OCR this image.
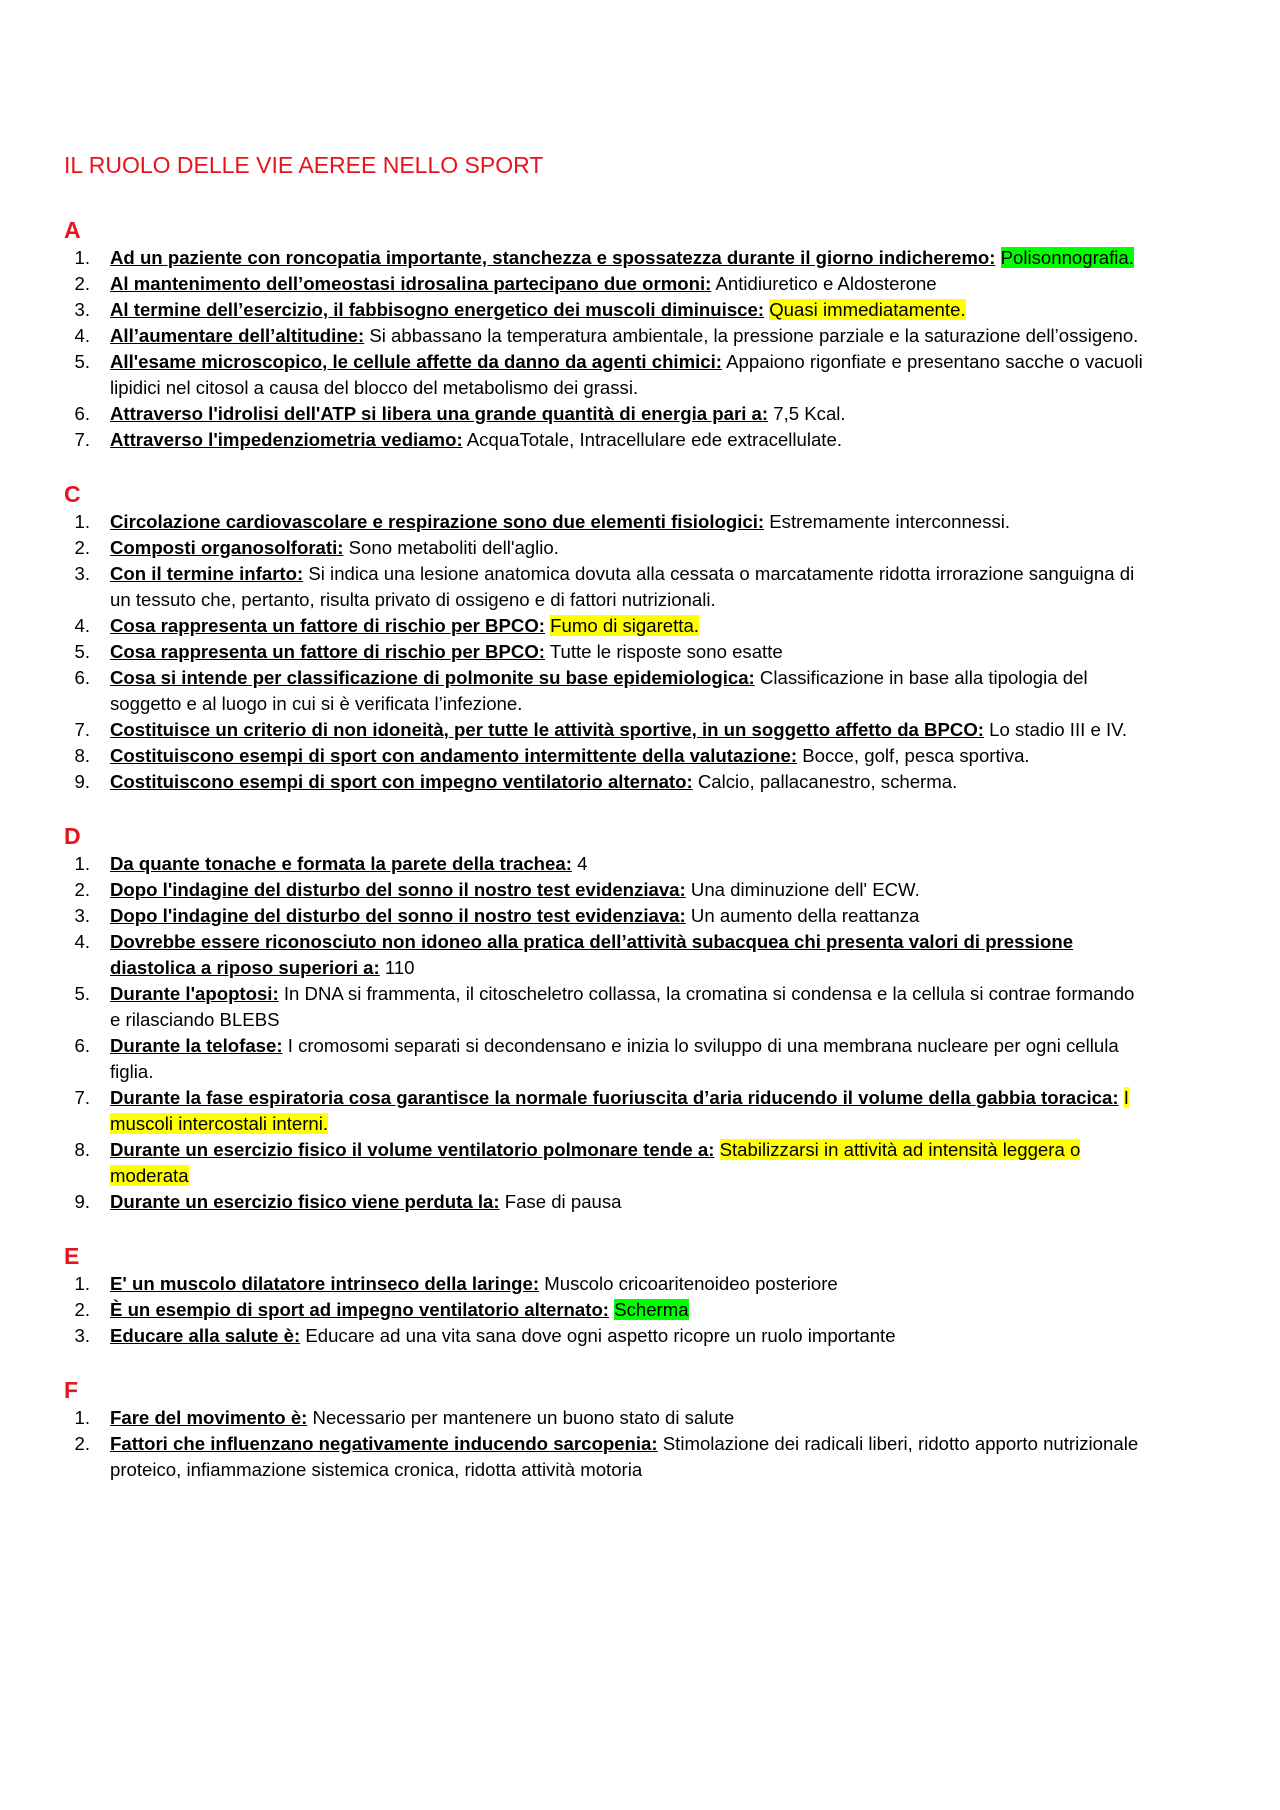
IL RUOLO DELLE VIE AEREE NELLO SPORT
A
1. Ad un paziente con roncopatia importante, stanchezza e spossatezza durante il giorno indicheremo: Polisonnografia.
2. Al mantenimento dell’omeostasi idrosalina partecipano due ormoni: Antidiuretico e Aldosterone
3. Al termine dell’esercizio, il fabbisogno energetico dei muscoli diminuisce: Quasi immediatamente.
4. All’aumentare dell’altitudine: Si abbassano la temperatura ambientale, la pressione parziale e la saturazione dell’ossigeno.
5. All'esame microscopico, le cellule affette da danno da agenti chimici: Appaiono rigonfiate e presentano sacche o vacuoli lipidici nel citosol a causa del blocco del metabolismo dei grassi.
6. Attraverso l'idrolisi dell'ATP si libera una grande quantità di energia pari a: 7,5 Kcal.
7. Attraverso l'impedenziometria vediamo: AcquaTotale, Intracellulare ede extracellulate.
C
1. Circolazione cardiovascolare e respirazione sono due elementi fisiologici: Estremamente interconnessi.
2. Composti organosolforati: Sono metaboliti dell'aglio.
3. Con il termine infarto: Si indica una lesione anatomica dovuta alla cessata o marcatamente ridotta irrorazione sanguigna di un tessuto che, pertanto, risulta privato di ossigeno e di fattori nutrizionali.
4. Cosa rappresenta un fattore di rischio per BPCO: Fumo di sigaretta.
5. Cosa rappresenta un fattore di rischio per BPCO: Tutte le risposte sono esatte
6. Cosa si intende per classificazione di polmonite su base epidemiologica: Classificazione in base alla tipologia del soggetto e al luogo in cui si è verificata l’infezione.
7. Costituisce un criterio di non idoneità, per tutte le attività sportive, in un soggetto affetto da BPCO: Lo stadio III e IV.
8. Costituiscono esempi di sport con andamento intermittente della valutazione: Bocce, golf, pesca sportiva.
9. Costituiscono esempi di sport con impegno ventilatorio alternato: Calcio, pallacanestro, scherma.
D
1. Da quante tonache e formata la parete della trachea: 4
2. Dopo l'indagine del disturbo del sonno il nostro test evidenziava: Una diminuzione dell' ECW.
3. Dopo l'indagine del disturbo del sonno il nostro test evidenziava: Un aumento della reattanza
4. Dovrebbe essere riconosciuto non idoneo alla pratica dell’attività subacquea chi presenta valori di pressione diastolica a riposo superiori a: 110
5. Durante l'apoptosi: In DNA si frammenta, il citoscheletro collassa, la cromatina si condensa e la cellula si contrae formando e rilasciando BLEBS
6. Durante la telofase: I cromosomi separati si decondensano e inizia lo sviluppo di una membrana nucleare per ogni cellula figlia.
7. Durante la fase espiratoria cosa garantisce la normale fuoriuscita d’aria riducendo il volume della gabbia toracica: I muscoli intercostali interni.
8. Durante un esercizio fisico il volume ventilatorio polmonare tende a: Stabilizzarsi in attività ad intensità leggera o moderata
9. Durante un esercizio fisico viene perduta la: Fase di pausa
E
1. E' un muscolo dilatatore intrinseco della laringe: Muscolo cricoaritenoideo posteriore
2. È un esempio di sport ad impegno ventilatorio alternato: Scherma
3. Educare alla salute è: Educare ad una vita sana dove ogni aspetto ricopre un ruolo importante
F
1. Fare del movimento è: Necessario per mantenere un buono stato di salute
2. Fattori che influenzano negativamente inducendo sarcopenia: Stimolazione dei radicali liberi, ridotto apporto nutrizionale proteico, infiammazione sistemica cronica, ridotta attività motoria
